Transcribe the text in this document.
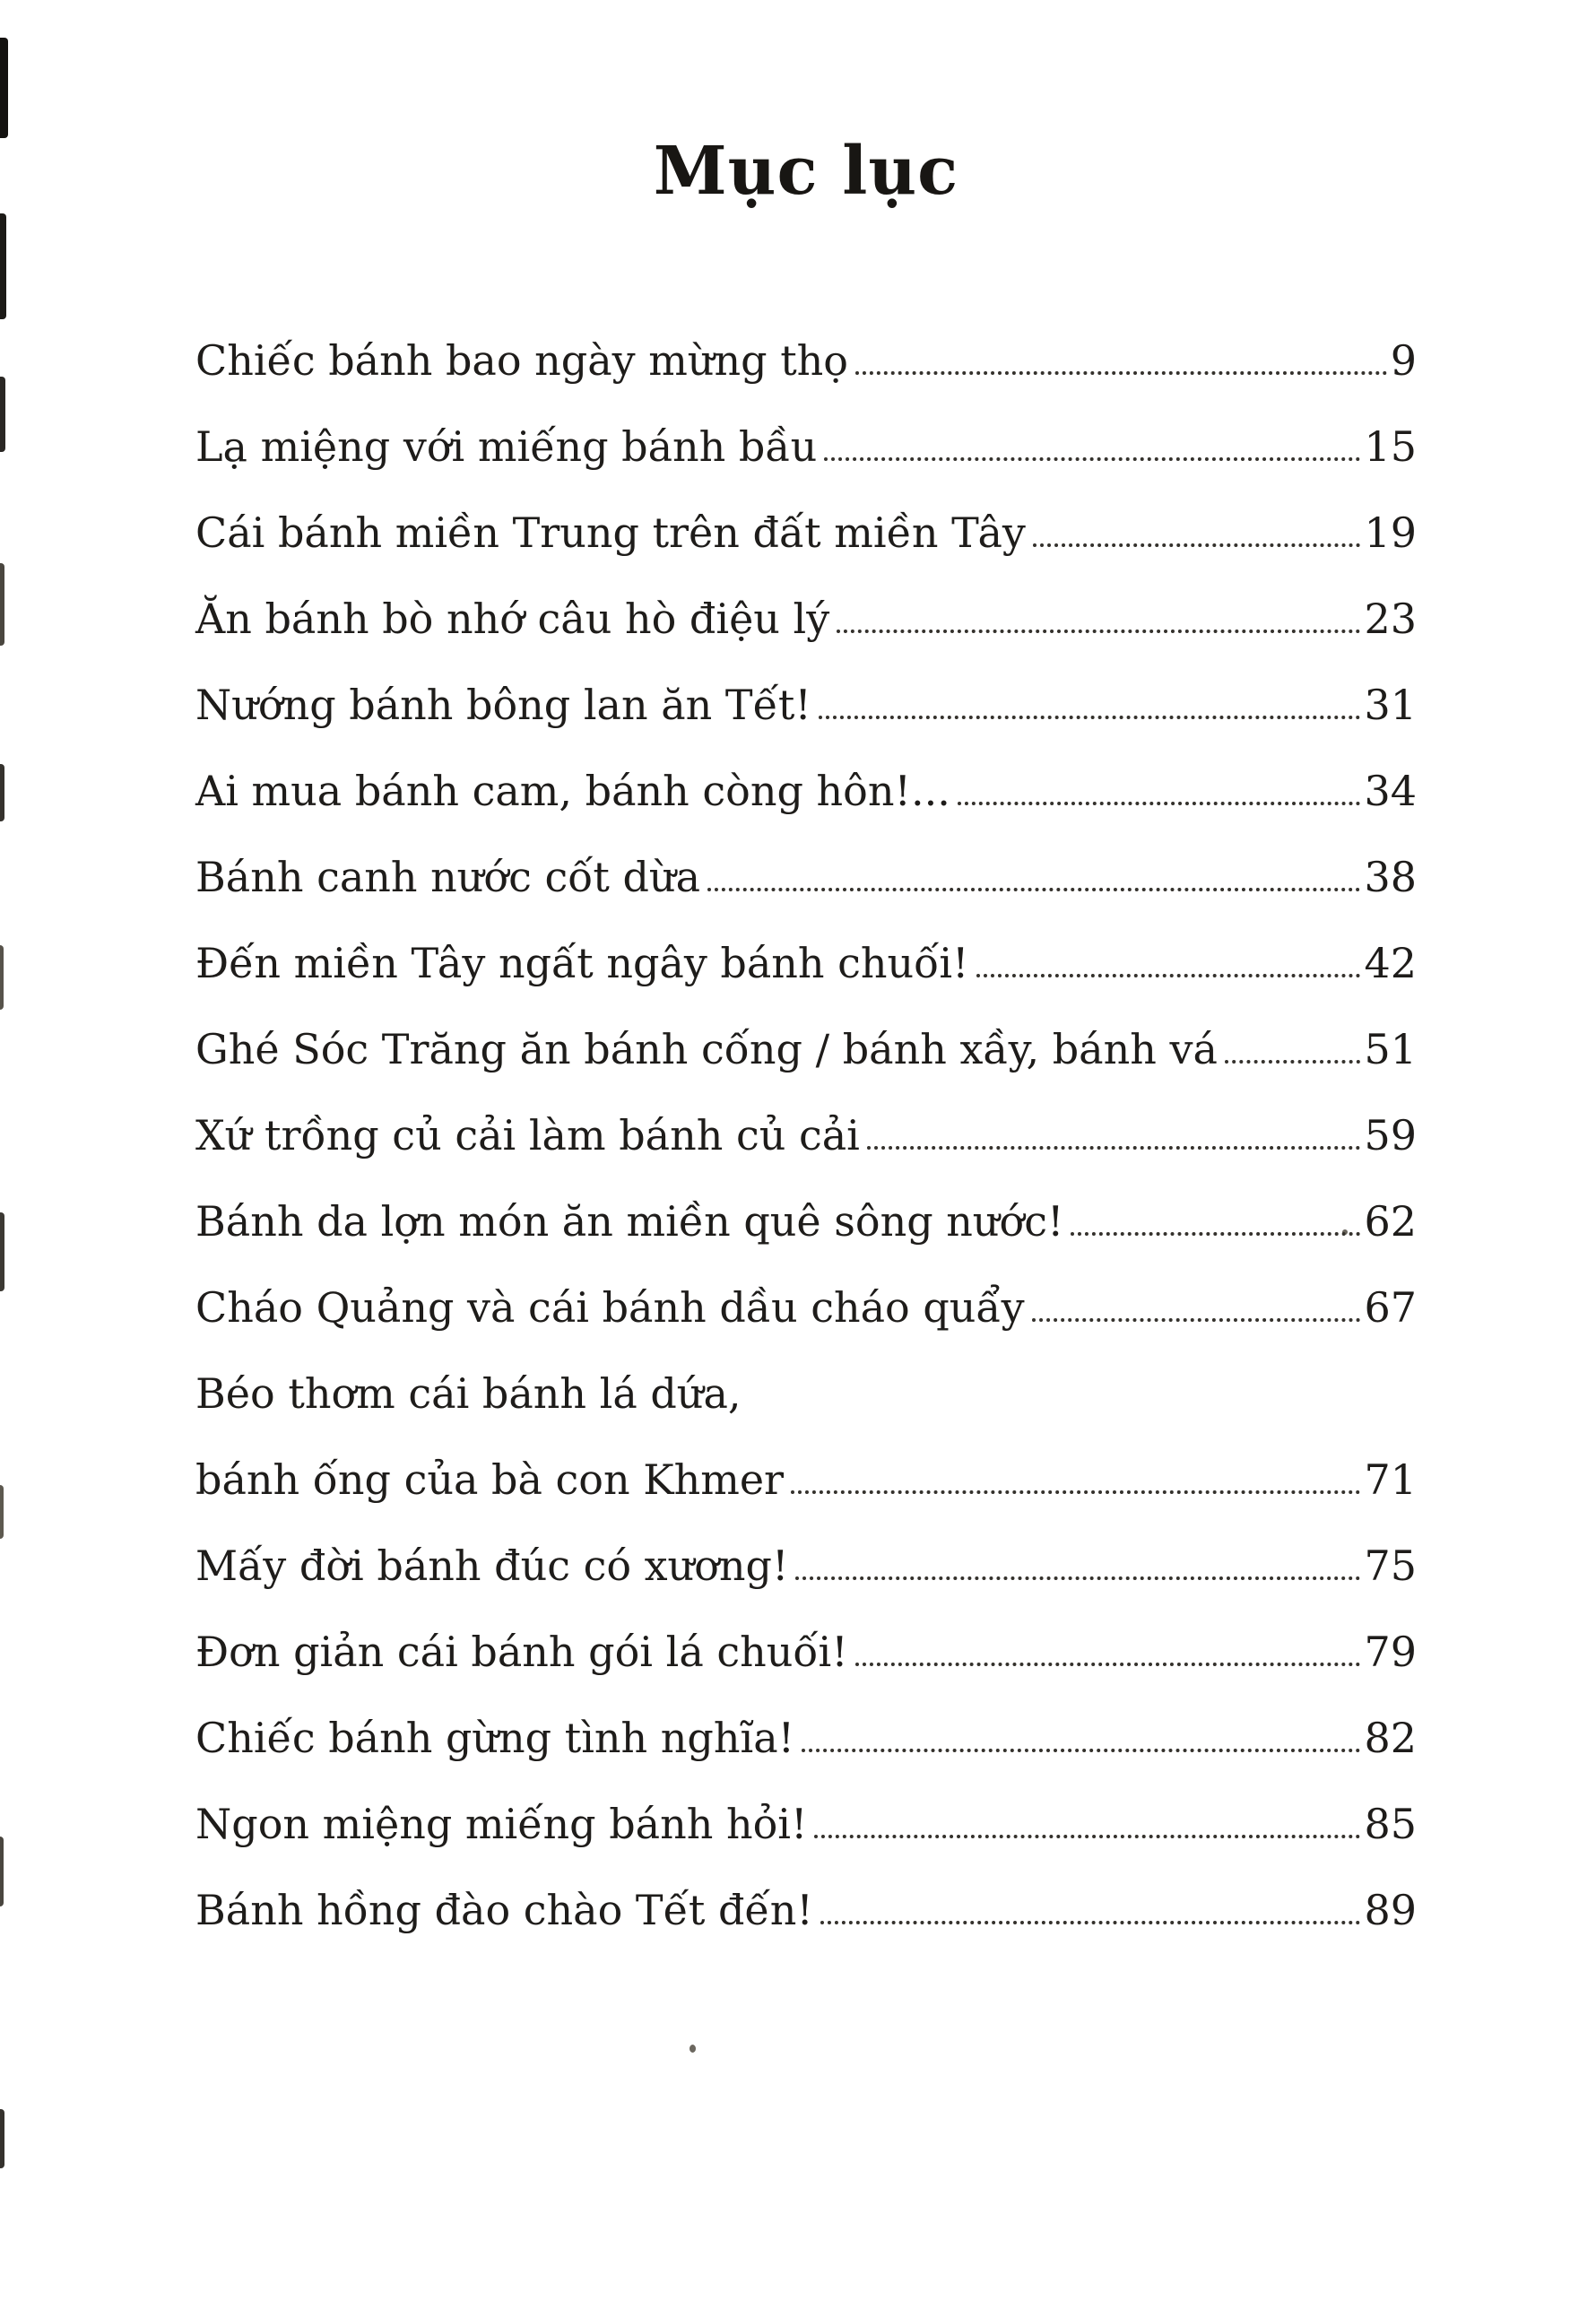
Mục lục
Chiếc bánh bao ngày mừng thọ	9
Lạ miệng với miếng bánh bầu	15
Cái bánh miền Trung trên đất miền Tây	19
Ăn bánh bò nhớ câu hò điệu lý	23
Nướng bánh bông lan ăn Tết!	31
Ai mua bánh cam, bánh còng hôn!...	34
Bánh canh nước cốt dừa	38
Đến miền Tây ngất ngây bánh chuối!	42
Ghé Sóc Trăng ăn bánh cống / bánh xầy, bánh vá	51
Xứ trồng củ cải làm bánh củ cải	59
Bánh da lợn món ăn miền quê sông nước!	62
Cháo Quảng và cái bánh dầu cháo quẩy	67
Béo thơm cái bánh lá dứa,
bánh ống của bà con Khmer	71
Mấy đời bánh đúc có xương!	75
Đơn giản cái bánh gói lá chuối!	79
Chiếc bánh gừng tình nghĩa!	82
Ngon miệng miếng bánh hỏi!	85
Bánh hồng đào chào Tết đến!	89
